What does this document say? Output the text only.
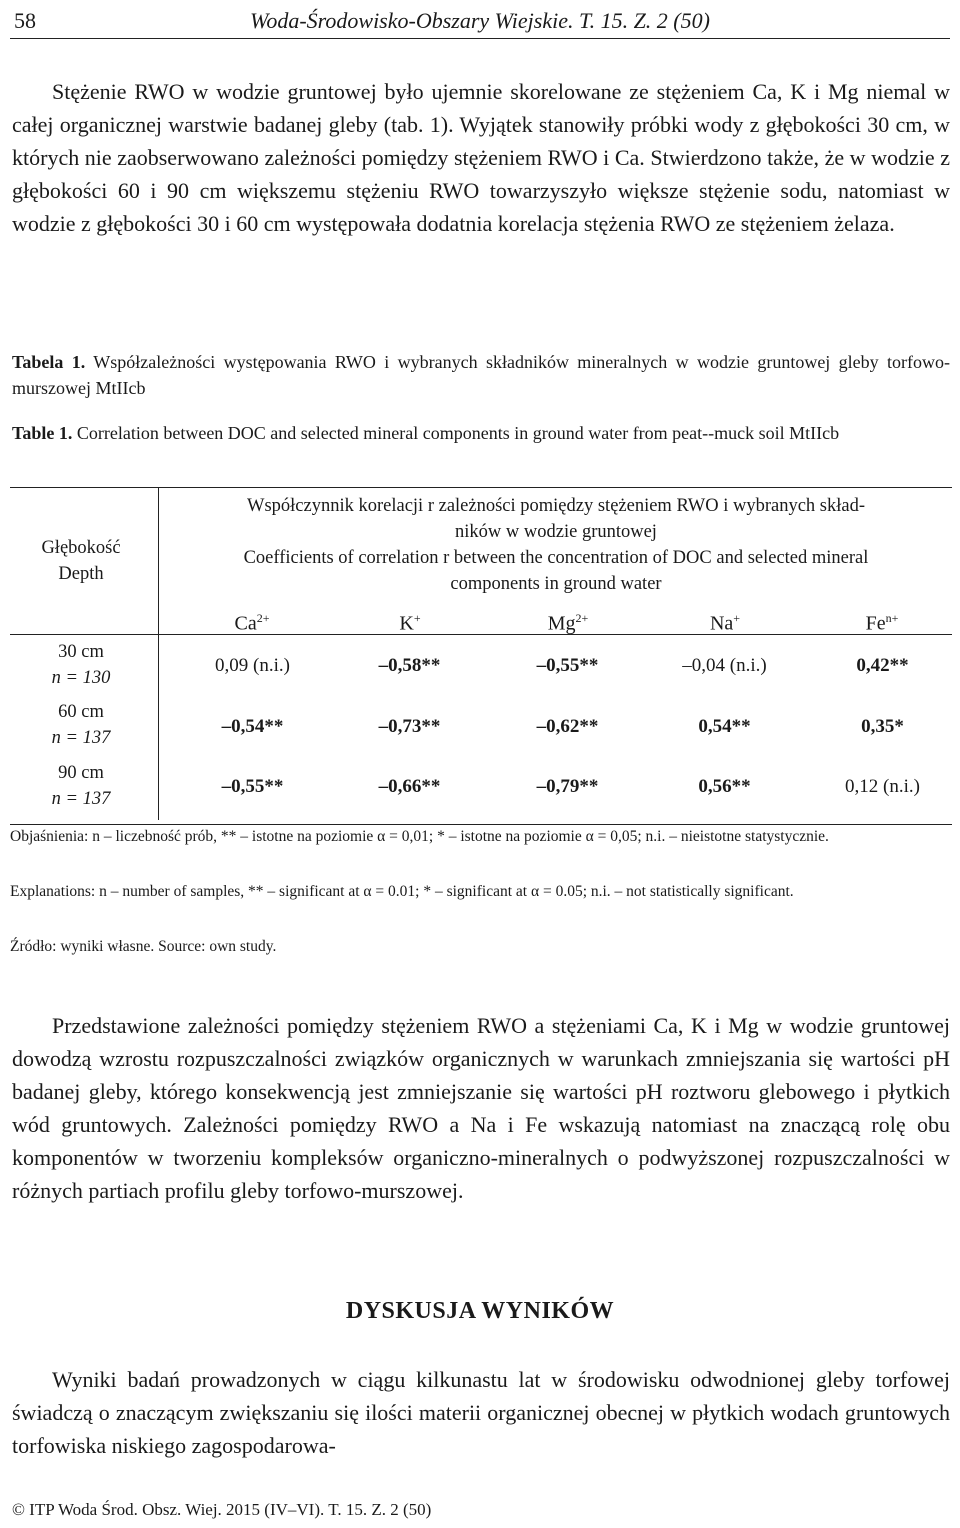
58	Woda-Środowisko-Obszary Wiejskie. T. 15. Z. 2 (50)

Stężenie RWO w wodzie gruntowej było ujemnie skorelowane ze stężeniem Ca, K i Mg niemal w całej organicznej warstwie badanej gleby (tab. 1). Wyjątek stanowiły próbki wody z głębokości 30 cm, w których nie zaobserwowano zależności pomiędzy stężeniem RWO i Ca. Stwierdzono także, że w wodzie z głębokości 60 i 90 cm większemu stężeniu RWO towarzyszyło większe stężenie sodu, natomiast w wodzie z głębokości 30 i 60 cm występowała dodatnia korelacja stężenia RWO ze stężeniem żelaza.

Tabela 1. Współzależności występowania RWO i wybranych składników mineralnych w wodzie gruntowej gleby torfowo-murszowej MtIIcb

Table 1. Correlation between DOC and selected mineral components in ground water from peat--muck soil MtIIcb

Głębokość
Depth
Współczynnik korelacji r zależności pomiędzy stężeniem RWO i wybranych skład-
ników w wodzie gruntowej
Coefficients of correlation r between the concentration of DOC and selected mineral
components in ground water
$Ca^{2+}$	K+	$Mg^{2+}$	Na+	$Fe^{n+}$
30 cm
n = 130
0,09 (n.i.)	–0,58**	–0,55**	–0,04 (n.i.)	0,42**
60 cm
n = 137
–0,54**	–0,73**	–0,62**	0,54**	0,35*
90 cm
n = 137
–0,55**	–0,66**	–0,79**	0,56**	0,12 (n.i.)

Objaśnienia: n – liczebność prób, ** – istotne na poziomie α = 0,01; * – istotne na poziomie α = 0,05; n.i. – nieistotne statystycznie.

Explanations: n – number of samples, ** – significant at α = 0.01; * – significant at α = 0.05; n.i. – not statistically significant.

Źródło: wyniki własne. Source: own study.

Przedstawione zależności pomiędzy stężeniem RWO a stężeniami Ca, K i Mg w wodzie gruntowej dowodzą wzrostu rozpuszczalności związków organicznych w warunkach zmniejszania się wartości pH badanej gleby, którego konsekwencją jest zmniejszanie się wartości pH roztworu glebowego i płytkich wód gruntowych. Zależności pomiędzy RWO a Na i Fe wskazują natomiast na znaczącą rolę obu komponentów w tworzeniu kompleksów organiczno-mineralnych o podwyższonej rozpuszczalności w różnych partiach profilu gleby torfowo-murszowej.

DYSKUSJA WYNIKÓW

Wyniki badań prowadzonych w ciągu kilkunastu lat w środowisku odwodnionej gleby torfowej świadczą o znaczącym zwiększaniu się ilości materii organicznej obecnej w płytkich wodach gruntowych torfowiska niskiego zagospodarowa-

© ITP Woda Środ. Obsz. Wiej. 2015 (IV–VI). T. 15. Z. 2 (50)
